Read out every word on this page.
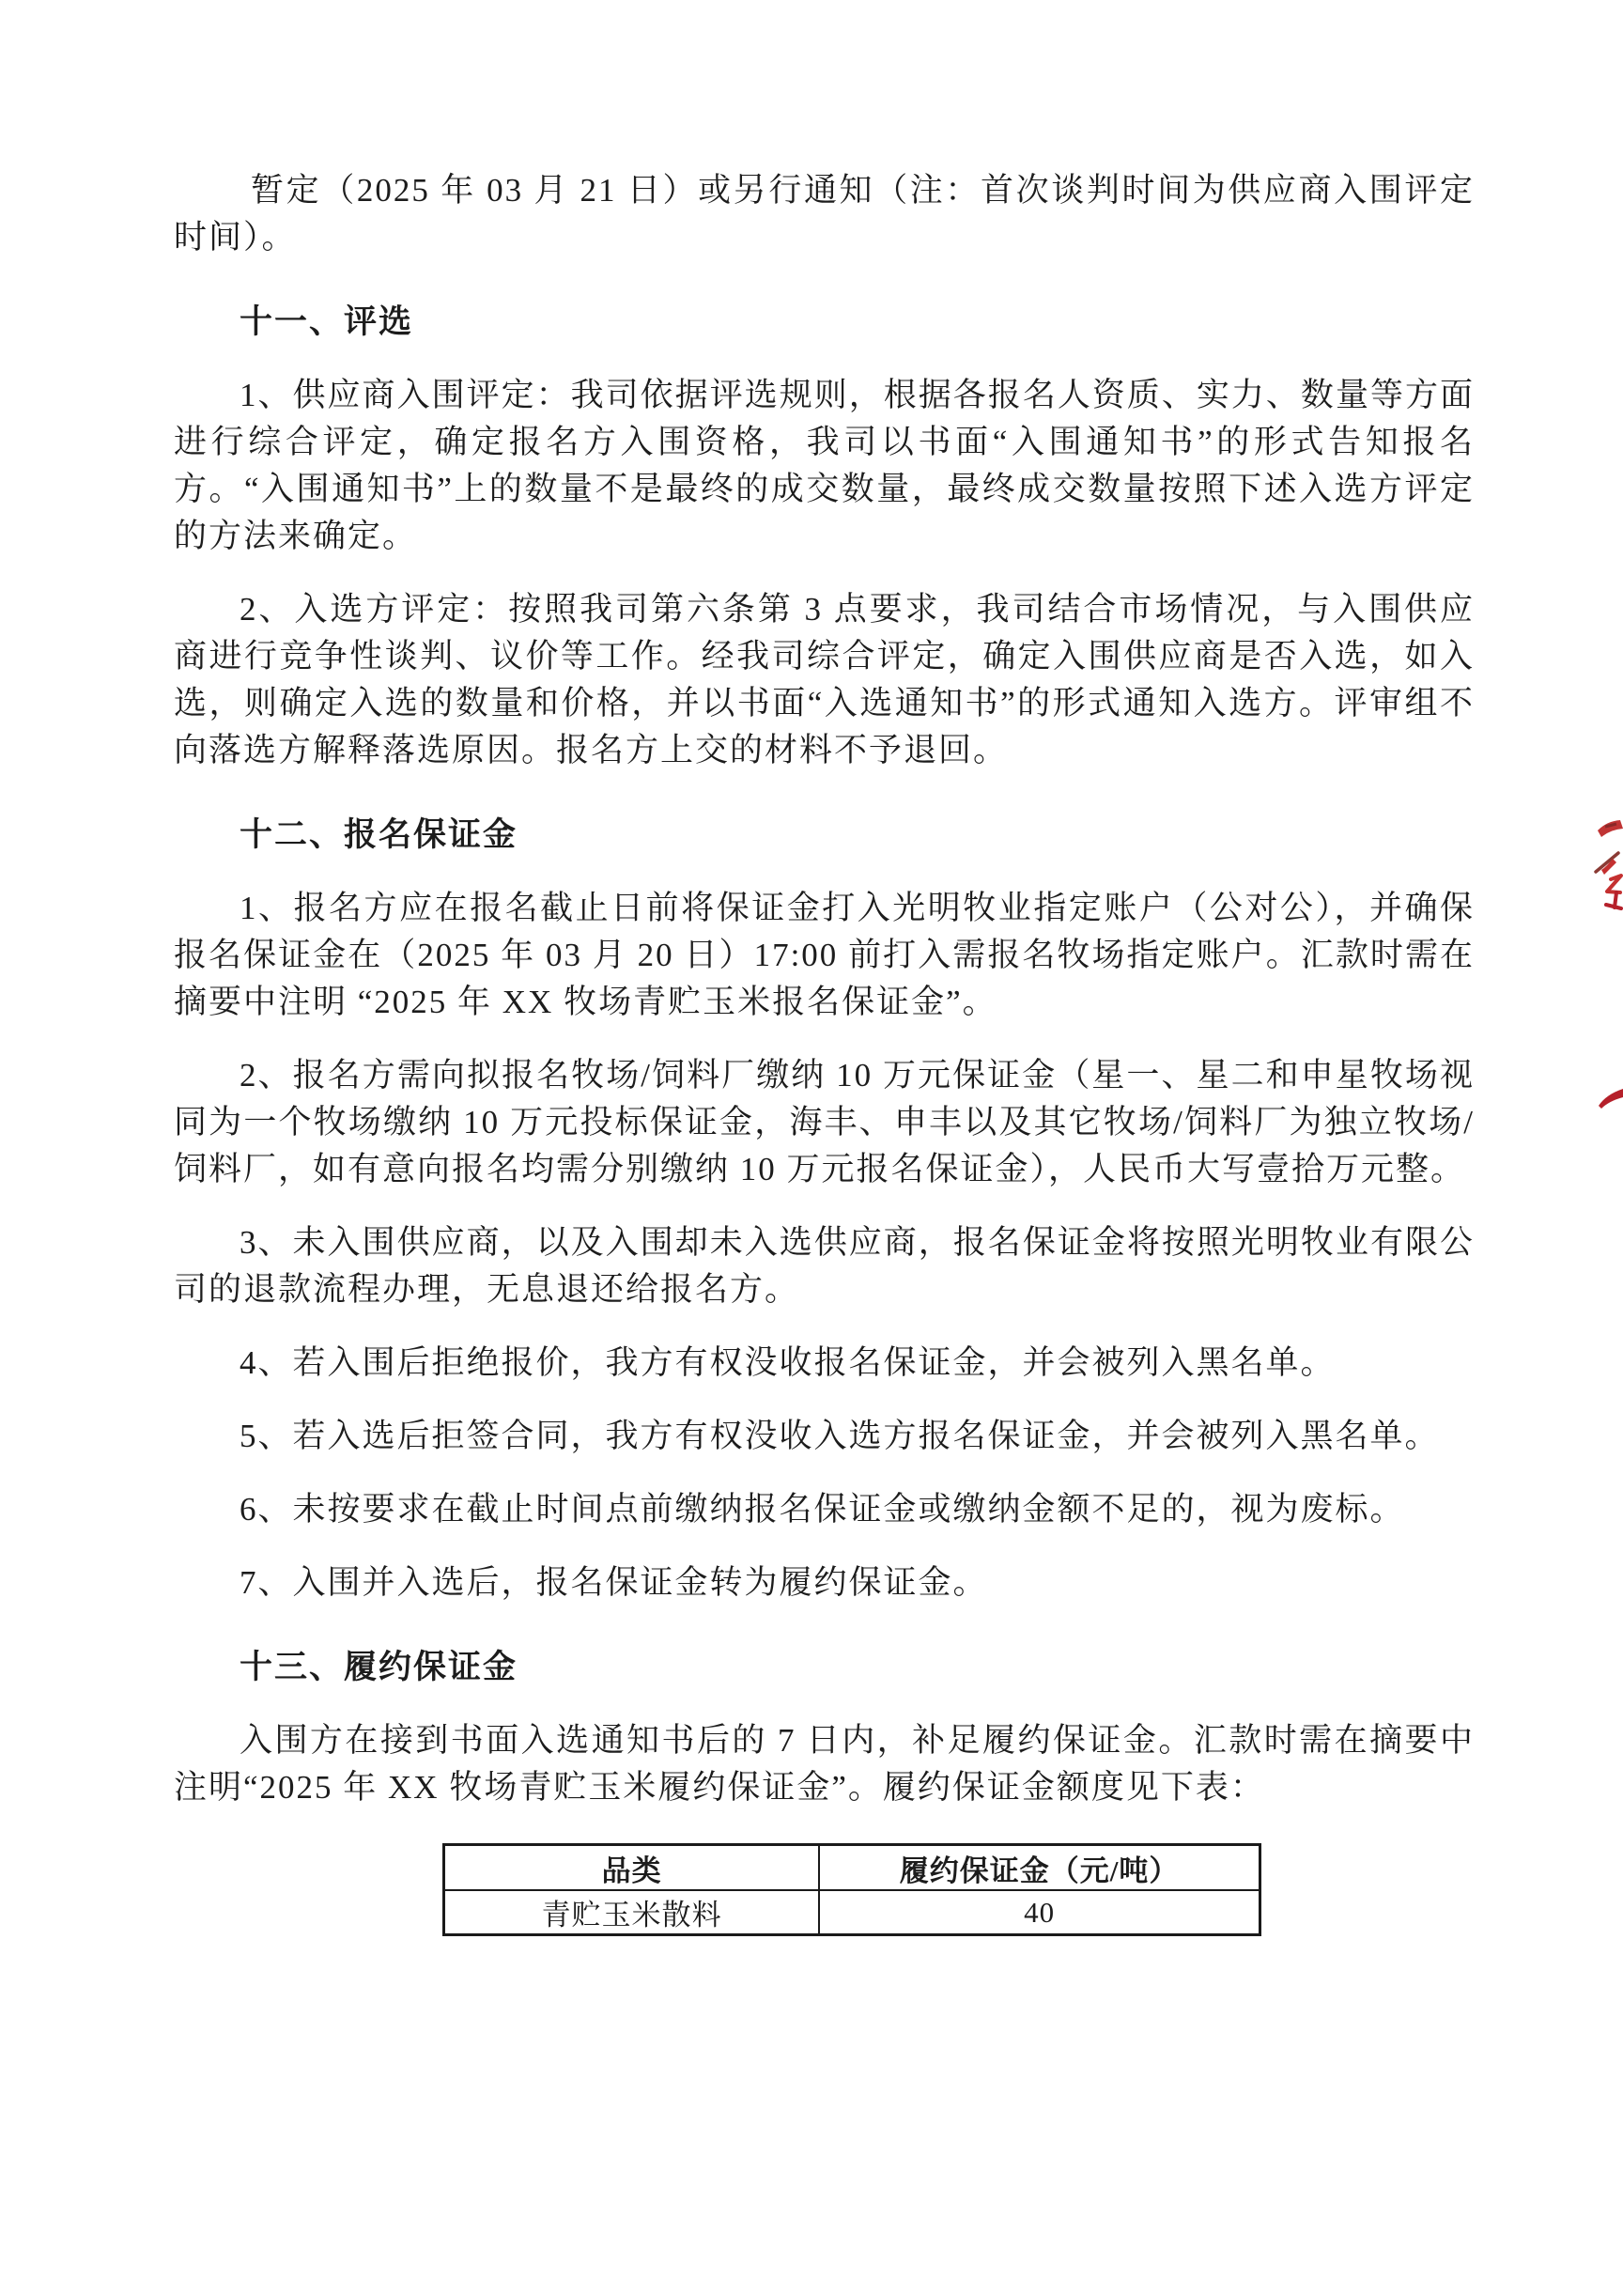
暂定（2025 年 03 月 21 日）或另行通知（注：首次谈判时间为供应商入围评定时间）。

十一、评选

1、供应商入围评定：我司依据评选规则，根据各报名人资质、实力、数量等方面进行综合评定，确定报名方入围资格，我司以书面“入围通知书”的形式告知报名方。“入围通知书”上的数量不是最终的成交数量，最终成交数量按照下述入选方评定的方法来确定。

2、入选方评定：按照我司第六条第 3 点要求，我司结合市场情况，与入围供应商进行竞争性谈判、议价等工作。经我司综合评定，确定入围供应商是否入选，如入选，则确定入选的数量和价格，并以书面“入选通知书”的形式通知入选方。评审组不向落选方解释落选原因。报名方上交的材料不予退回。

十二、报名保证金

1、报名方应在报名截止日前将保证金打入光明牧业指定账户（公对公），并确保报名保证金在（2025 年 03 月 20 日）17:00 前打入需报名牧场指定账户。汇款时需在摘要中注明 “2025 年 XX 牧场青贮玉米报名保证金”。

2、报名方需向拟报名牧场/饲料厂缴纳 10 万元保证金（星一、星二和申星牧场视同为一个牧场缴纳 10 万元投标保证金，海丰、申丰以及其它牧场/饲料厂为独立牧场/饲料厂，如有意向报名均需分别缴纳 10 万元报名保证金），人民币大写壹拾万元整。

3、未入围供应商，以及入围却未入选供应商，报名保证金将按照光明牧业有限公司的退款流程办理，无息退还给报名方。

4、若入围后拒绝报价，我方有权没收报名保证金，并会被列入黑名单。

5、若入选后拒签合同，我方有权没收入选方报名保证金，并会被列入黑名单。

6、未按要求在截止时间点前缴纳报名保证金或缴纳金额不足的，视为废标。

7、入围并入选后，报名保证金转为履约保证金。

十三、履约保证金

入围方在接到书面入选通知书后的 7 日内，补足履约保证金。汇款时需在摘要中注明“2025 年 XX 牧场青贮玉米履约保证金”。履约保证金额度见下表：

品类	履约保证金（元/吨）
青贮玉米散料	40
